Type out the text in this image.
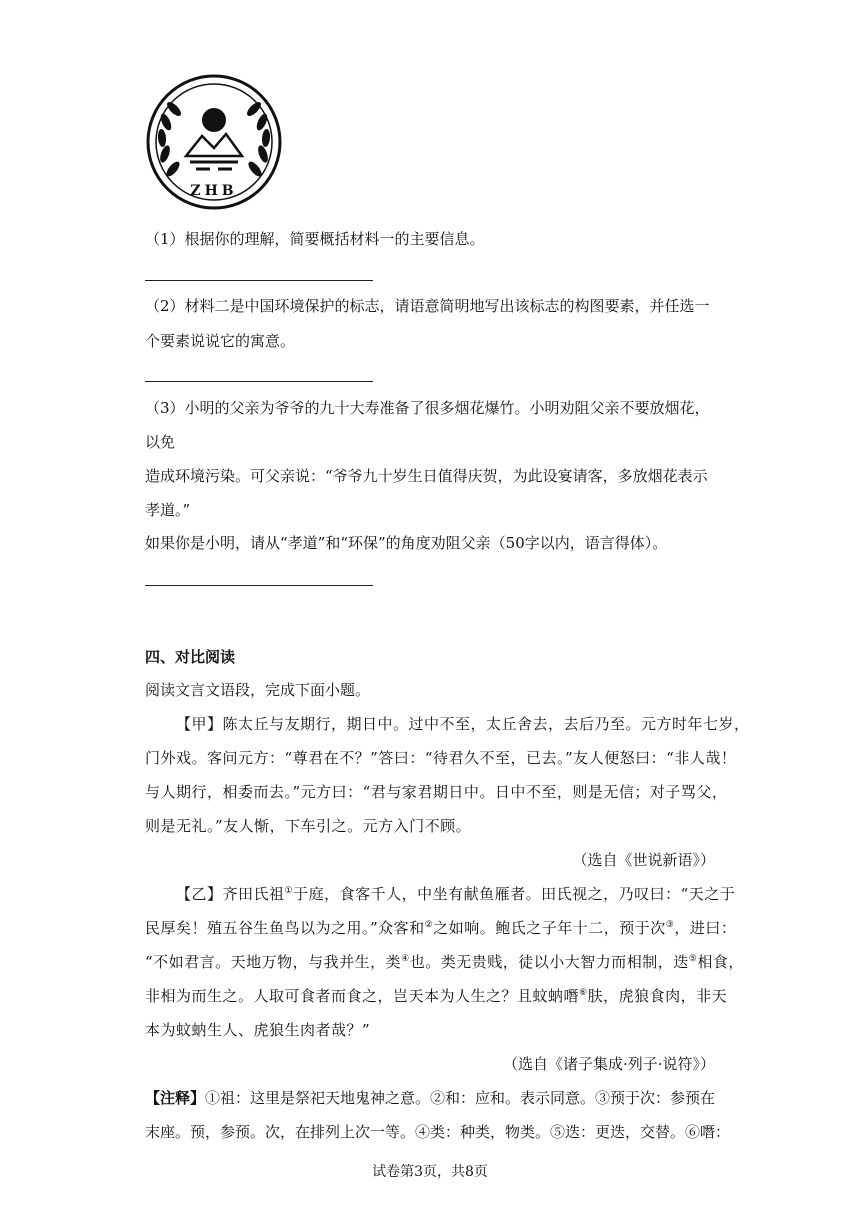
ZHB
（1）根据你的理解，简要概括材料一的主要信息。
（2）材料二是中国环境保护的标志，请语意简明地写出该标志的构图要素，并任选一
个要素说说它的寓意。
（3）小明的父亲为爷爷的九十大寿准备了很多烟花爆竹。小明劝阻父亲不要放烟花，
以免
造成环境污染。可父亲说：“爷爷九十岁生日值得庆贺，为此设宴请客，多放烟花表示
孝道。”
如果你是小明，请从“孝道”和“环保”的角度劝阻父亲（50字以内，语言得体）。
四、对比阅读
阅读文言文语段，完成下面小题。
【甲】陈太丘与友期行，期日中。过中不至，太丘舍去，去后乃至。元方时年七岁，
门外戏。客问元方：“尊君在不？”答曰：“待君久不至，已去。”友人便怒曰：“非人哉！
与人期行，相委而去。”元方曰：“君与家君期日中。日中不至，则是无信；对子骂父，
则是无礼。”友人惭，下车引之。元方入门不顾。
（选自《世说新语》）
【乙】齐田氏祖①于庭，食客千人，中坐有献鱼雁者。田氏视之，乃叹曰：“天之于
民厚矣！殖五谷生鱼鸟以为之用。”众客和②之如响。鲍氏之子年十二，预于次③，进曰：
“不如君言。天地万物，与我并生，类④也。类无贵贱，徒以小大智力而相制，迭⑤相食，
非相为而生之。人取可食者而食之，岂天本为人生之？且蚊蚋噆⑥肤，虎狼食肉，非天
本为蚊蚋生人、虎狼生肉者哉？”
（选自《诸子集成·列子·说符》）
【注释】①祖：这里是祭祀天地鬼神之意。②和：应和。表示同意。③预于次：参预在
末座。预，参预。次，在排列上次一等。④类：种类，物类。⑤迭：更迭，交替。⑥噆：
试卷第3页，共8页
